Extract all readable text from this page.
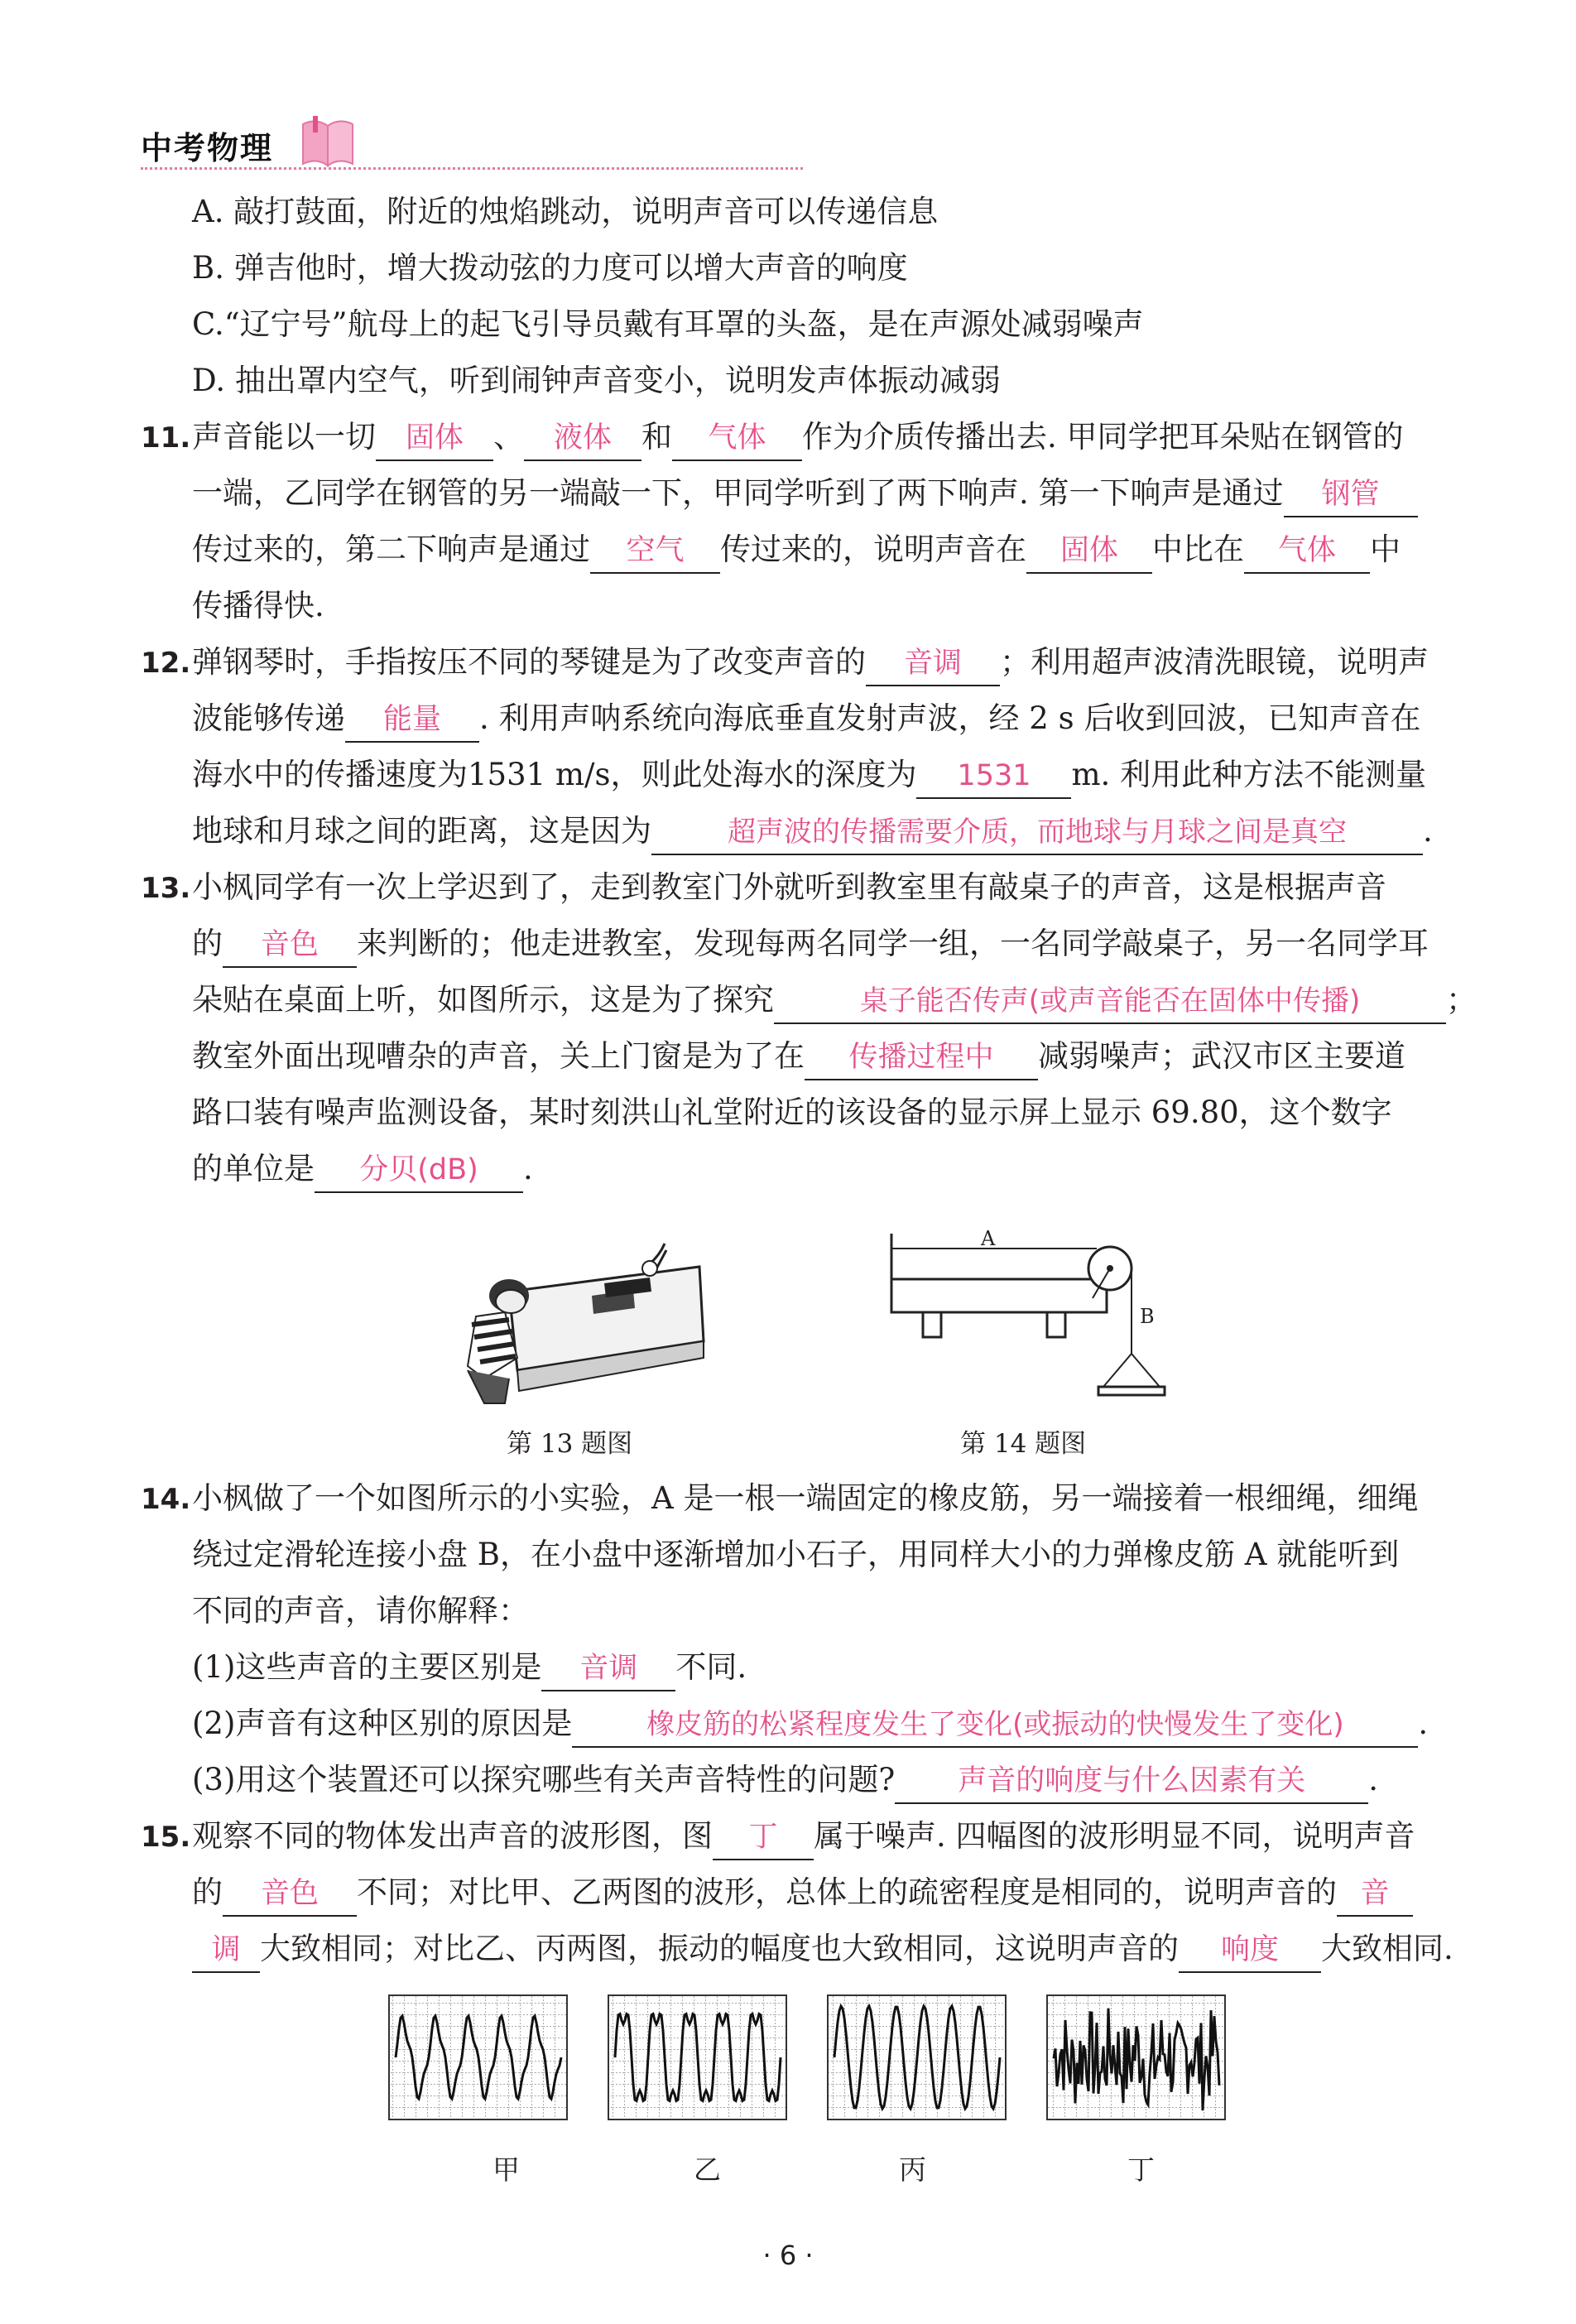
中考物理
A. 敲打鼓面，附近的烛焰跳动，说明声音可以传递信息
B. 弹吉他时，增大拨动弦的力度可以增大声音的响度
C.“辽宁号”航母上的起飞引导员戴有耳罩的头盔，是在声源处减弱噪声
D. 抽出罩内空气，听到闹钟声音变小，说明发声体振动减弱
11.声音能以一切 固体 、 液体 和 气体 作为介质传播出去. 甲同学把耳朵贴在钢管的
一端，乙同学在钢管的另一端敲一下，甲同学听到了两下响声. 第一下响声是通过 钢管
传过来的，第二下响声是通过 空气 传过来的，说明声音在 固体 中比在 气体 中
传播得快.
12.弹钢琴时，手指按压不同的琴键是为了改变声音的 音调 ；利用超声波清洗眼镜，说明声
波能够传递 能量 . 利用声呐系统向海底垂直发射声波，经 2 s 后收到回波，已知声音在
海水中的传播速度为1531 m/s，则此处海水的深度为 1531 m. 利用此种方法不能测量
地球和月球之间的距离，这是因为	超声波的传播需要介质，而地球与月球之间是真空 .
13.小枫同学有一次上学迟到了，走到教室门外就听到教室里有敲桌子的声音，这是根据声音
的 音色 来判断的；他走进教室，发现每两名同学一组，一名同学敲桌子，另一名同学耳
朵贴在桌面上听，如图所示，这是为了探究	桌子能否传声(或声音能否在固体中传播)	；
教室外面出现嘈杂的声音，关上门窗是为了在 传播过程中 减弱噪声；武汉市区主要道
路口装有噪声监测设备，某时刻洪山礼堂附近的该设备的显示屏上显示 69.80，这个数字
的单位是 分贝(dB) .
第 13 题图
A
B
第 14 题图
14.小枫做了一个如图所示的小实验，A 是一根一端固定的橡皮筋，另一端接着一根细绳，细绳
绕过定滑轮连接小盘 B，在小盘中逐渐增加小石子，用同样大小的力弹橡皮筋 A 就能听到
不同的声音，请你解释：
(1)这些声音的主要区别是 音调 不同.
(2)声音有这种区别的原因是	橡皮筋的松紧程度发生了变化(或振动的快慢发生了变化) .
(3)用这个装置还可以探究哪些有关声音特性的问题? 声音的响度与什么因素有关 .
15.观察不同的物体发出声音的波形图，图 丁 属于噪声. 四幅图的波形明显不同，说明声音
的 音色 不同；对比甲、乙两图的波形，总体上的疏密程度是相同的，说明声音的 音
调 大致相同；对比乙、丙两图，振动的幅度也大致相同，这说明声音的 响度 大致相同.
甲	乙	丙	丁
· 6 ·
